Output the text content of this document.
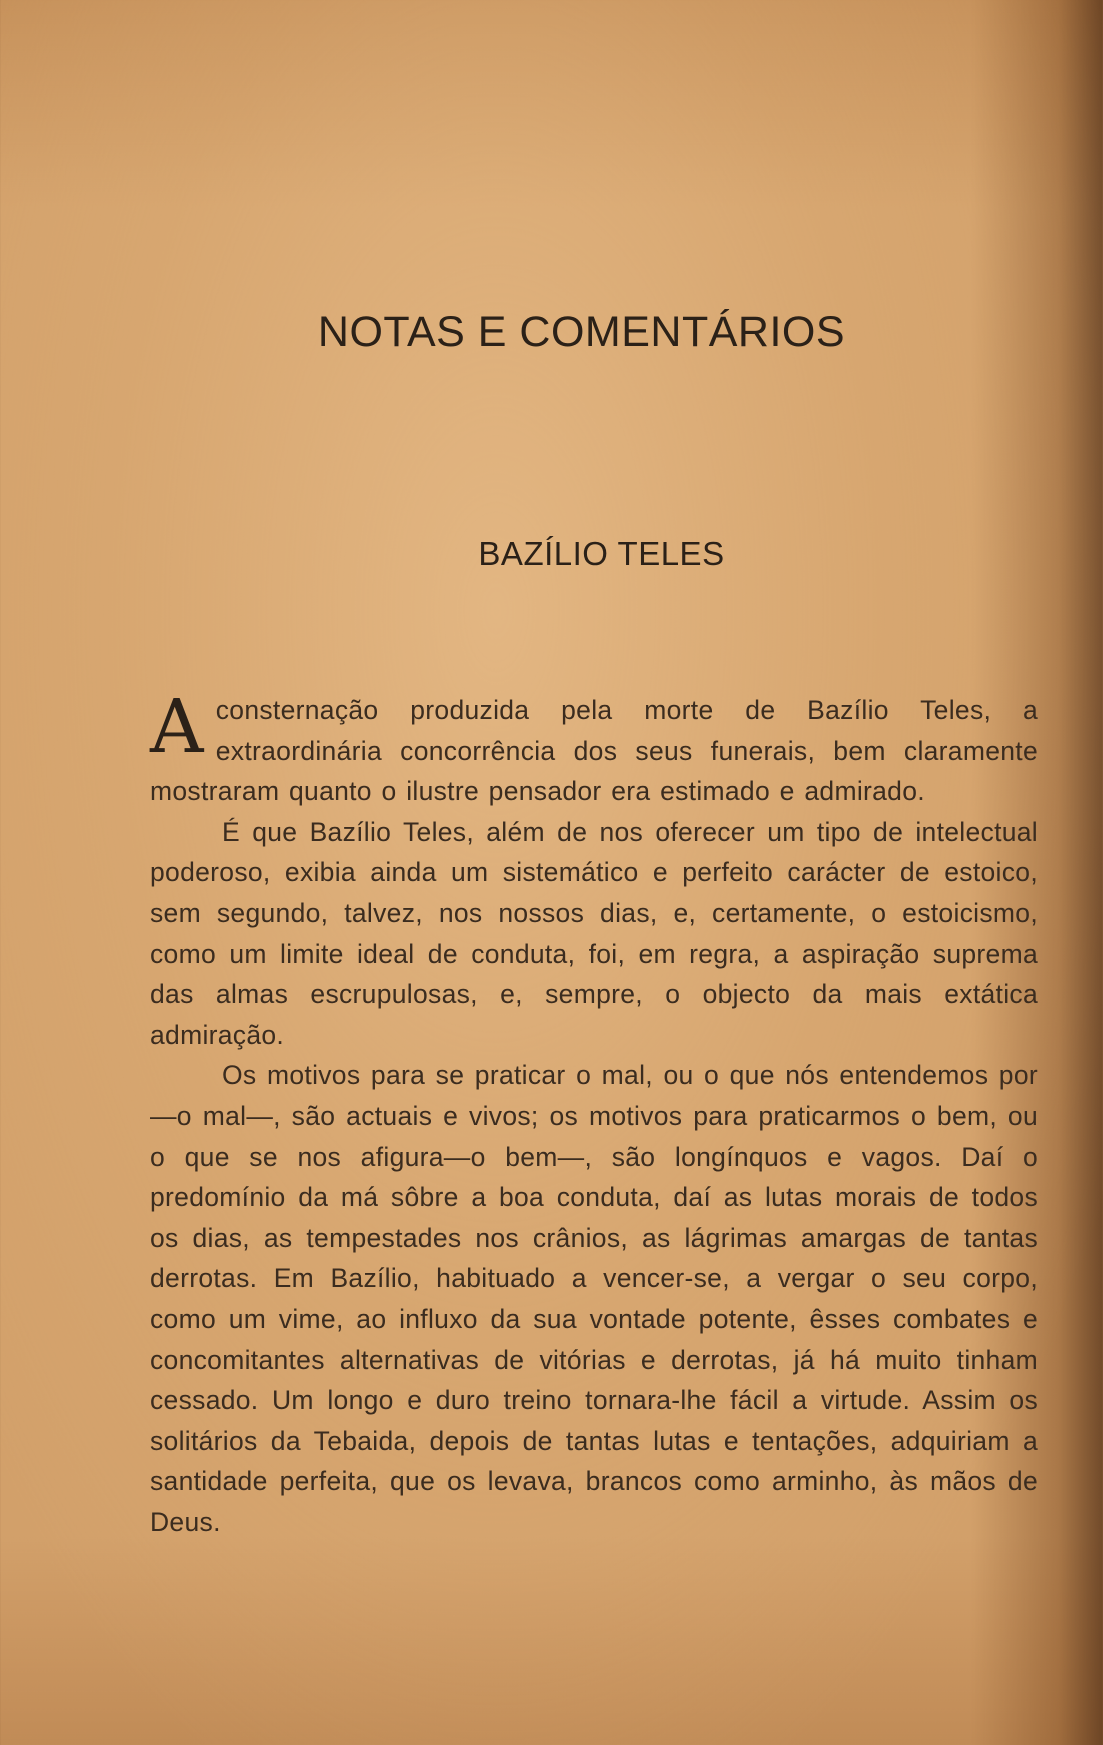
NOTAS E COMENTÁRIOS
BAZÍLIO TELES

Aconsternação produzida pela morte de Bazílio Teles, a extraordinária concorrência dos seus funerais, bem claramente mostraram quanto o ilustre pensador era estimado e admirado.

É que Bazílio Teles, além de nos oferecer um tipo de intelectual poderoso, exibia ainda um sistemático e perfeito carácter de estoico, sem segundo, talvez, nos nossos dias, e, certamente, o estoicismo, como um limite ideal de conduta, foi, em regra, a aspiração suprema das almas escrupulosas, e, sempre, o objecto da mais extática admiração.

Os motivos para se praticar o mal, ou o que nós entendemos por—o mal—, são actuais e vivos; os motivos para praticarmos o bem, ou o que se nos afigura—o bem—, são longínquos e vagos. Daí o predomínio da má sôbre a boa conduta, daí as lutas morais de todos os dias, as tempestades nos crânios, as lágrimas amargas de tantas derrotas. Em Bazílio, habituado a vencer-se, a vergar o seu corpo, como um vime, ao influxo da sua vontade potente, êsses combates e concomitantes alternativas de vitórias e derrotas, já há muito tinham cessado. Um longo e duro treino tornara-lhe fácil a virtude. Assim os solitários da Tebaida, depois de tantas lutas e tentações, adquiriam a santidade perfeita, que os levava, brancos como arminho, às mãos de Deus.
